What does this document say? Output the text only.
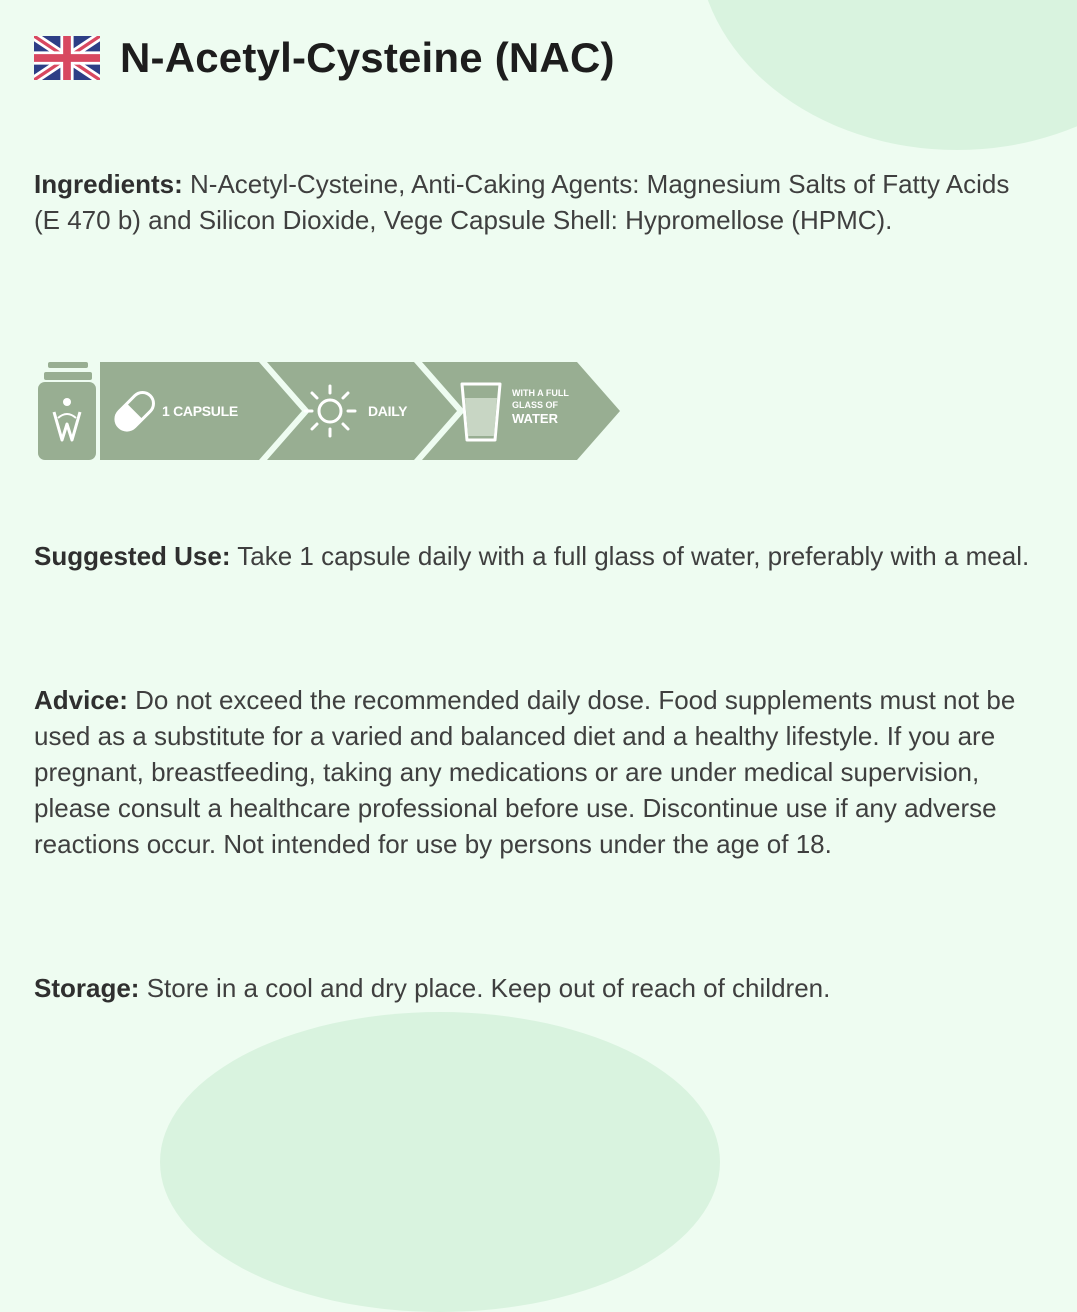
N-Acetyl-Cysteine (NAC)

Ingredients: N-Acetyl-Cysteine, Anti-Caking Agents: Magnesium Salts of Fatty Acids (E 470 b) and Silicon Dioxide, Vege Capsule Shell: Hypromellose (HPMC).

1 CAPSULE	DAILY
WITH A FULL
GLASS OF
WATER

Suggested Use: Take 1 capsule daily with a full glass of water, preferably with a meal.

Advice: Do not exceed the recommended daily dose. Food supplements must not be used as a substitute for a varied and balanced diet and a healthy lifestyle. If you are pregnant, breastfeeding, taking any medications or are under medical supervision, please consult a healthcare professional before use. Discontinue use if any adverse reactions occur. Not intended for use by persons under the age of 18.

Storage: Store in a cool and dry place. Keep out of reach of children.
